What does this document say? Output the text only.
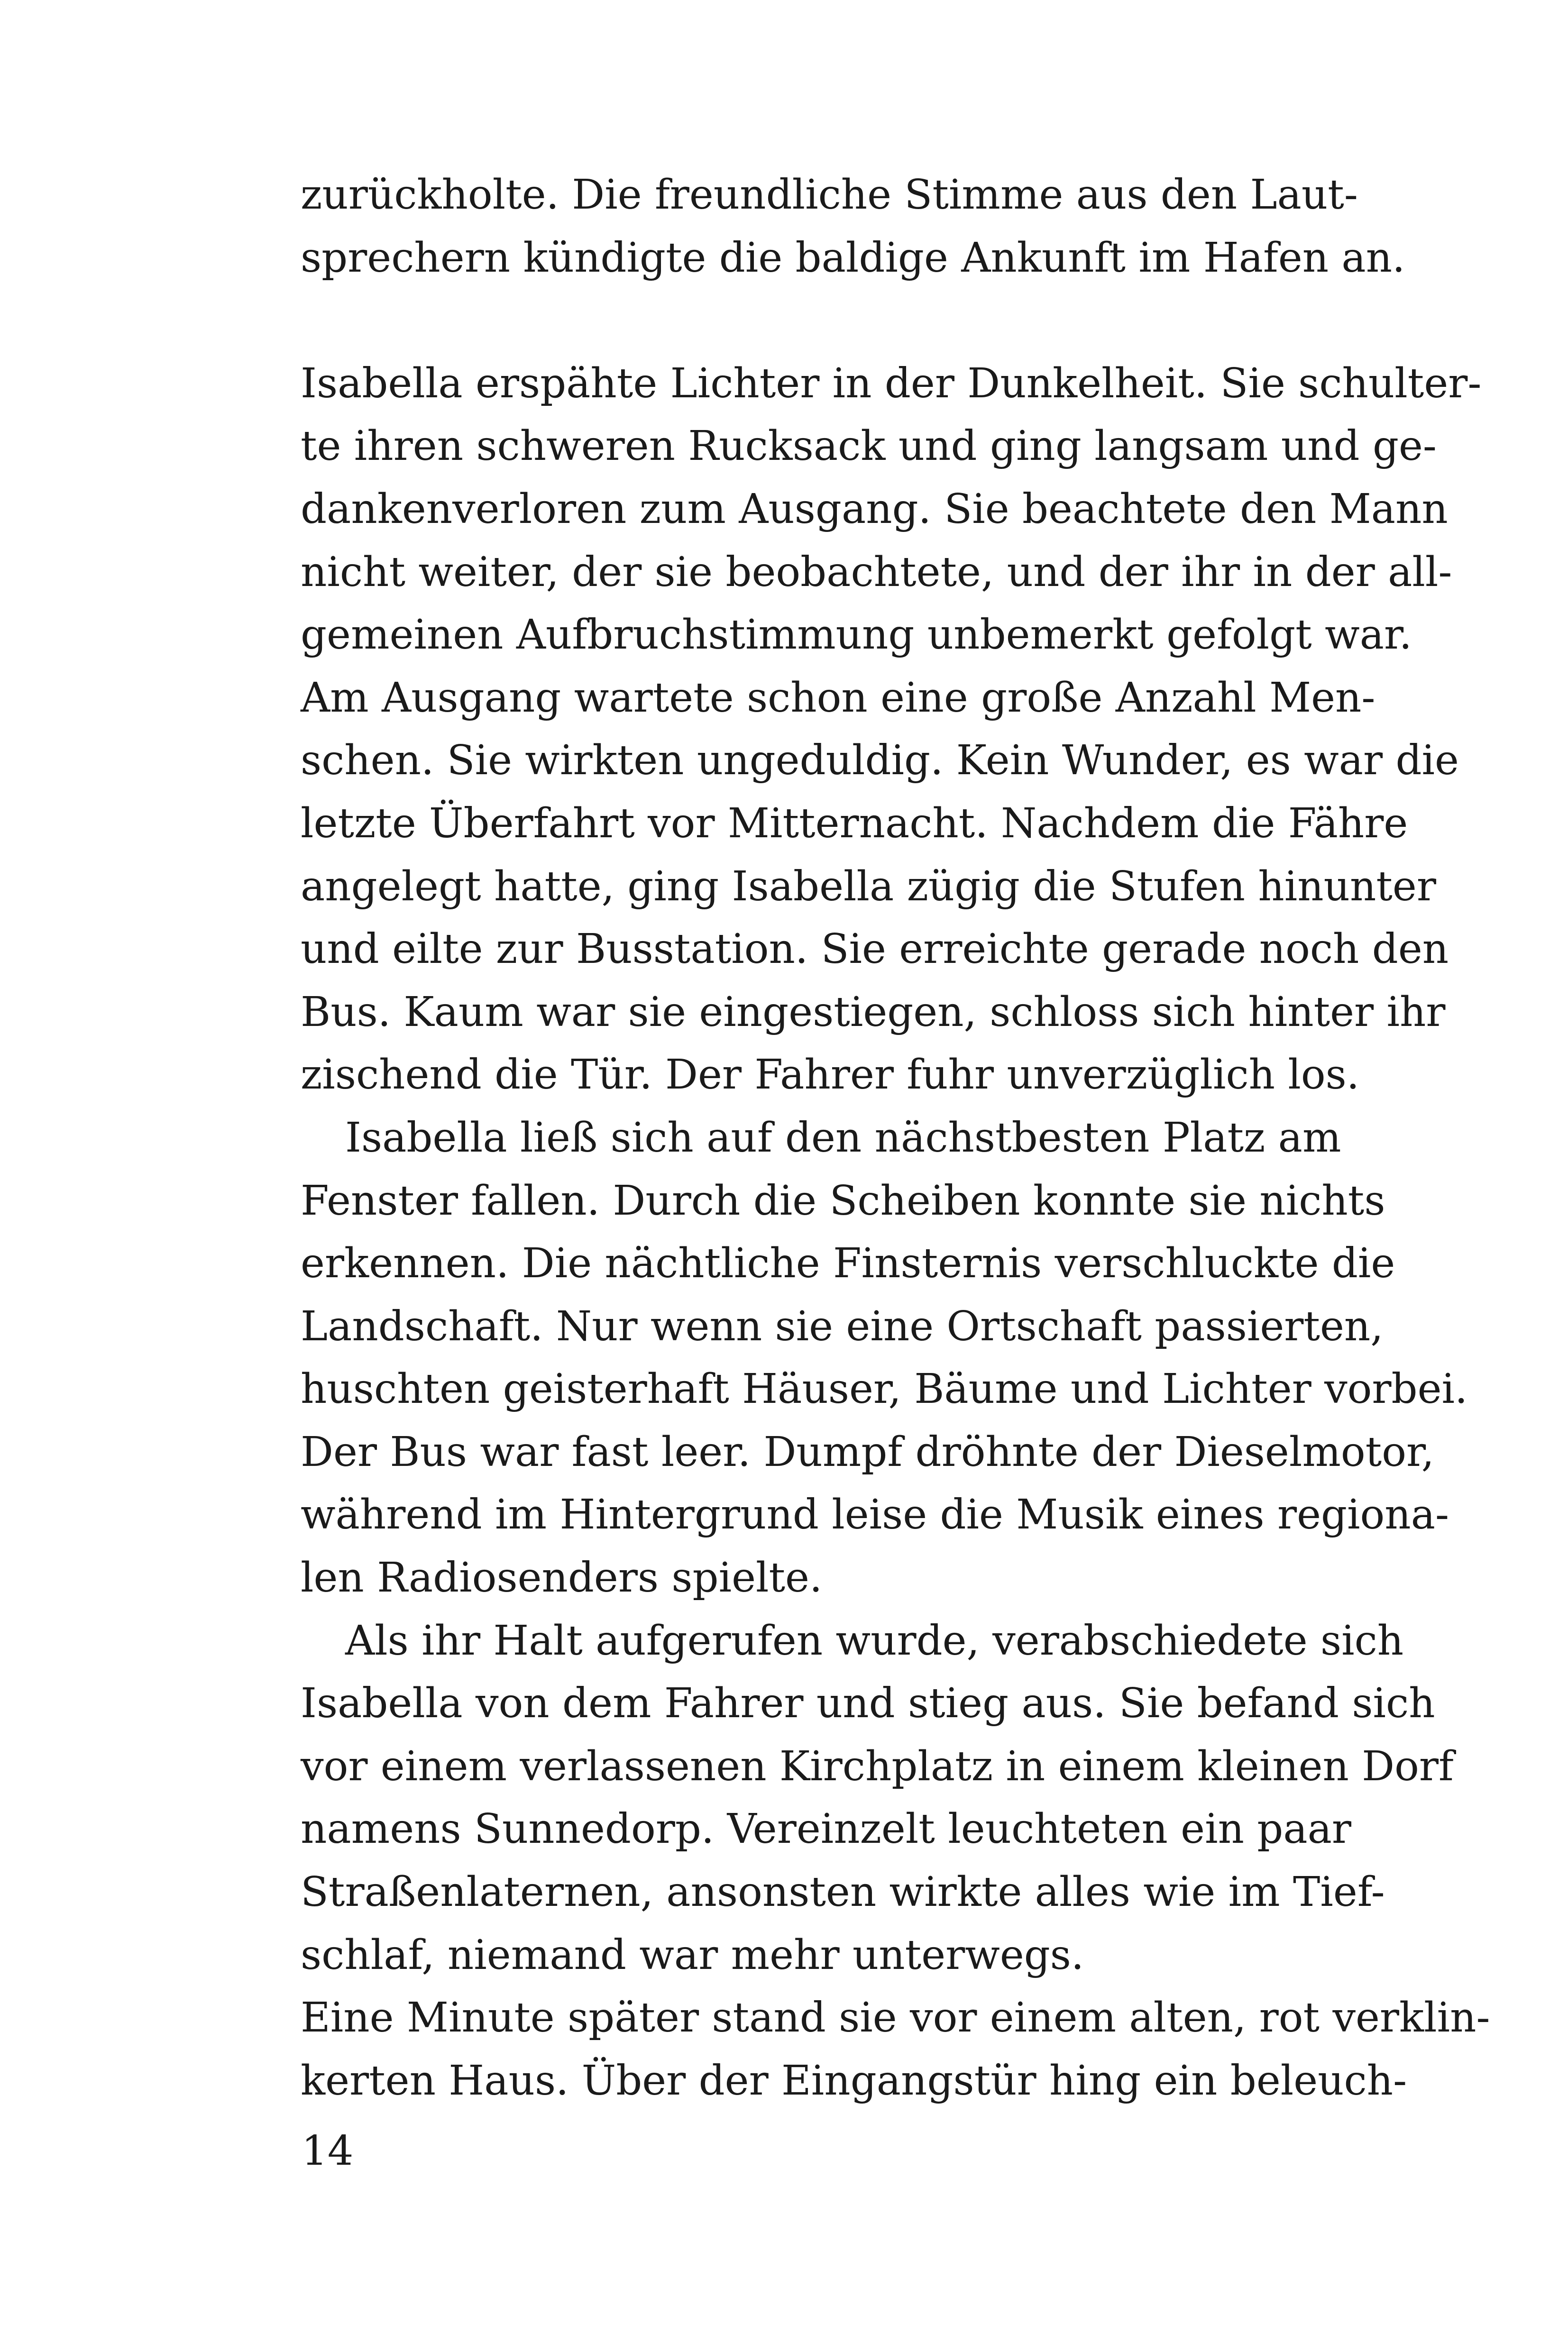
zurückholte. Die freundliche Stimme aus den Laut-
sprechern kündigte die baldige Ankunft im Hafen an.
Isabella erspähte Lichter in der Dunkelheit. Sie schulter-
te ihren schweren Rucksack und ging langsam und ge-
dankenverloren zum Ausgang. Sie beachtete den Mann
nicht weiter, der sie beobachtete, und der ihr in der all-
gemeinen Aufbruchstimmung unbemerkt gefolgt war.
Am Ausgang wartete schon eine große Anzahl Men-
schen. Sie wirkten ungeduldig. Kein Wunder, es war die
letzte Überfahrt vor Mitternacht. Nachdem die Fähre
angelegt hatte, ging Isabella zügig die Stufen hinunter
und eilte zur Busstation. Sie erreichte gerade noch den
Bus. Kaum war sie eingestiegen, schloss sich hinter ihr
zischend die Tür. Der Fahrer fuhr unverzüglich los.
Isabella ließ sich auf den nächstbesten Platz am
Fenster fallen. Durch die Scheiben konnte sie nichts
erkennen. Die nächtliche Finsternis verschluckte die
Landschaft. Nur wenn sie eine Ortschaft passierten,
huschten geisterhaft Häuser, Bäume und Lichter vorbei.
Der Bus war fast leer. Dumpf dröhnte der Dieselmotor,
während im Hintergrund leise die Musik eines regiona-
len Radiosenders spielte.
Als ihr Halt aufgerufen wurde, verabschiedete sich
Isabella von dem Fahrer und stieg aus. Sie befand sich
vor einem verlassenen Kirchplatz in einem kleinen Dorf
namens Sunnedorp. Vereinzelt leuchteten ein paar
Straßenlaternen, ansonsten wirkte alles wie im Tief-
schlaf, niemand war mehr unterwegs.
Eine Minute später stand sie vor einem alten, rot verklin-
kerten Haus. Über der Eingangstür hing ein beleuch-
14
